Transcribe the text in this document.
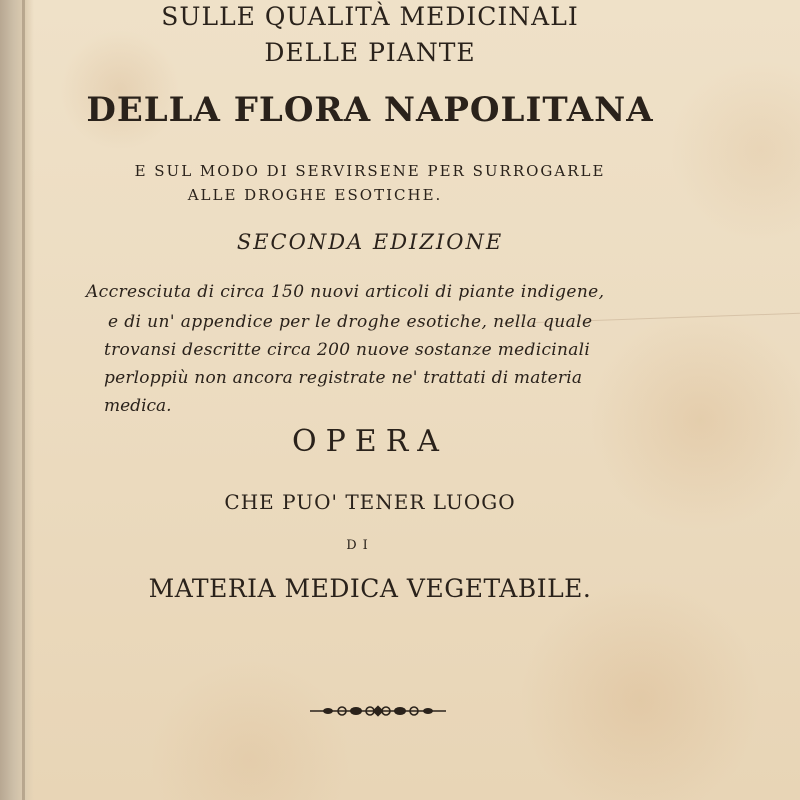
SULLE QUALITÀ MEDICINALI
DELLE PIANTE
DELLA FLORA NAPOLITANA
E SUL MODO DI SERVIRSENE PER SURROGARLE
ALLE DROGHE ESOTICHE.
SECONDA EDIZIONE
Accresciuta di circa 150 nuovi articoli di piante indigene,
e di un' appendice per le droghe esotiche, nella quale
trovansi descritte circa 200 nuove sostanze medicinali
perloppiù non ancora registrate ne' trattati di materia
medica.
OPERA
CHE PUO' TENER LUOGO
DI
MATERIA MEDICA VEGETABILE.
